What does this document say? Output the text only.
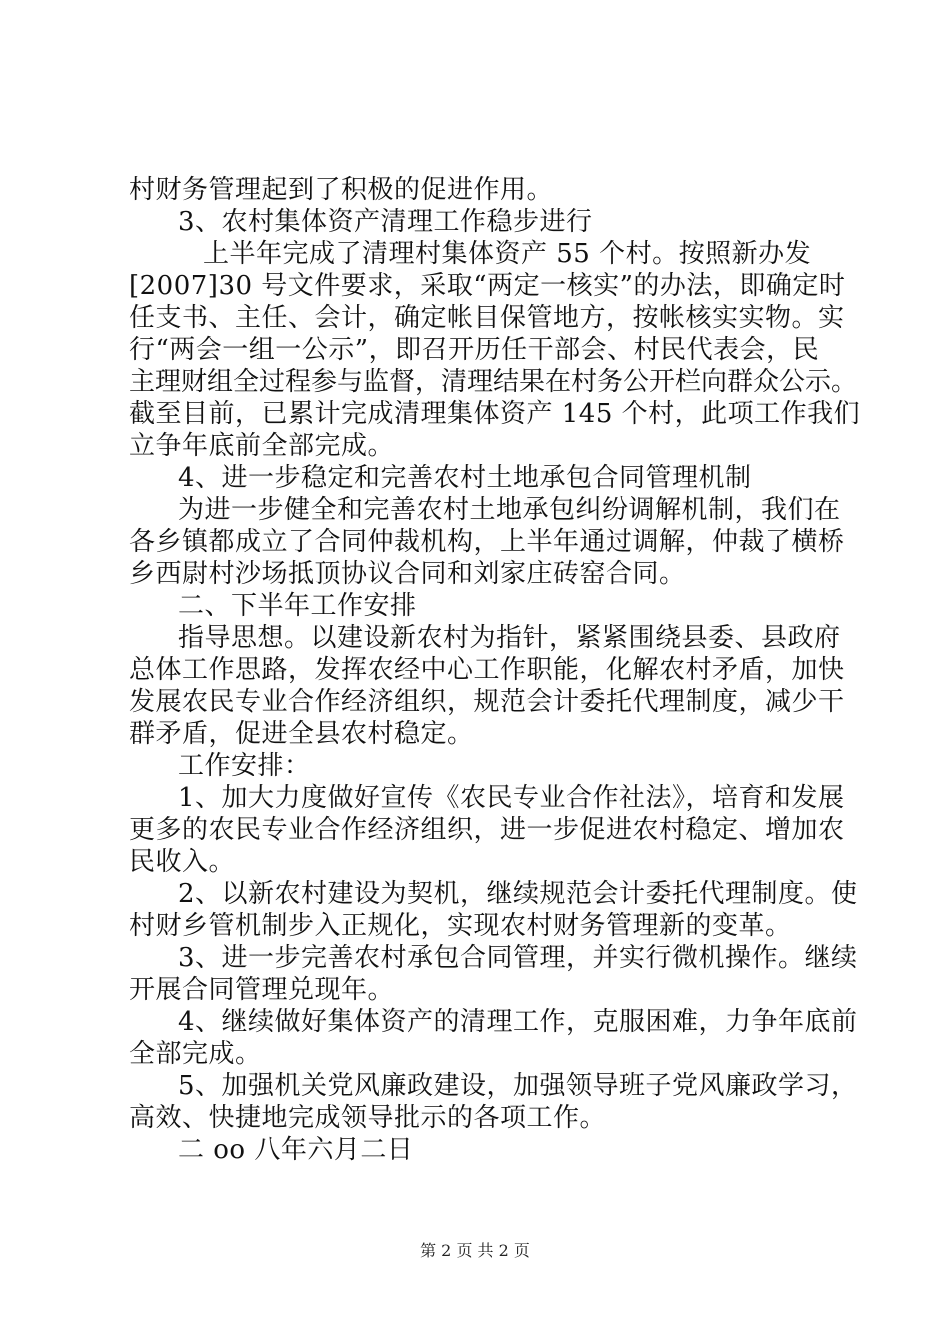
村财务管理起到了积极的促进作用。
3、农村集体资产清理工作稳步进行
上半年完成了清理村集体资产 55 个村。按照新办发
[2007]30 号文件要求，采取“两定一核实”的办法，即确定时
任支书、主任、会计，确定帐目保管地方，按帐核实实物。实
行“两会一组一公示”，即召开历任干部会、村民代表会，民
主理财组全过程参与监督，清理结果在村务公开栏向群众公示。
截至目前，已累计完成清理集体资产 145 个村，此项工作我们
立争年底前全部完成。
4、进一步稳定和完善农村土地承包合同管理机制
为进一步健全和完善农村土地承包纠纷调解机制，我们在
各乡镇都成立了合同仲裁机构，上半年通过调解，仲裁了横桥
乡西尉村沙场抵顶协议合同和刘家庄砖窑合同。
二、下半年工作安排
指导思想。以建设新农村为指针，紧紧围绕县委、县政府
总体工作思路，发挥农经中心工作职能，化解农村矛盾，加快
发展农民专业合作经济组织，规范会计委托代理制度，减少干
群矛盾，促进全县农村稳定。
工作安排：
1、加大力度做好宣传《农民专业合作社法》，培育和发展
更多的农民专业合作经济组织，进一步促进农村稳定、增加农
民收入。
2、以新农村建设为契机，继续规范会计委托代理制度。使
村财乡管机制步入正规化，实现农村财务管理新的变革。
3、进一步完善农村承包合同管理，并实行微机操作。继续
开展合同管理兑现年。
4、继续做好集体资产的清理工作，克服困难，力争年底前
全部完成。
5、加强机关党风廉政建设，加强领导班子党风廉政学习，
高效、快捷地完成领导批示的各项工作。
二 oo 八年六月二日
第 2 页 共 2 页
